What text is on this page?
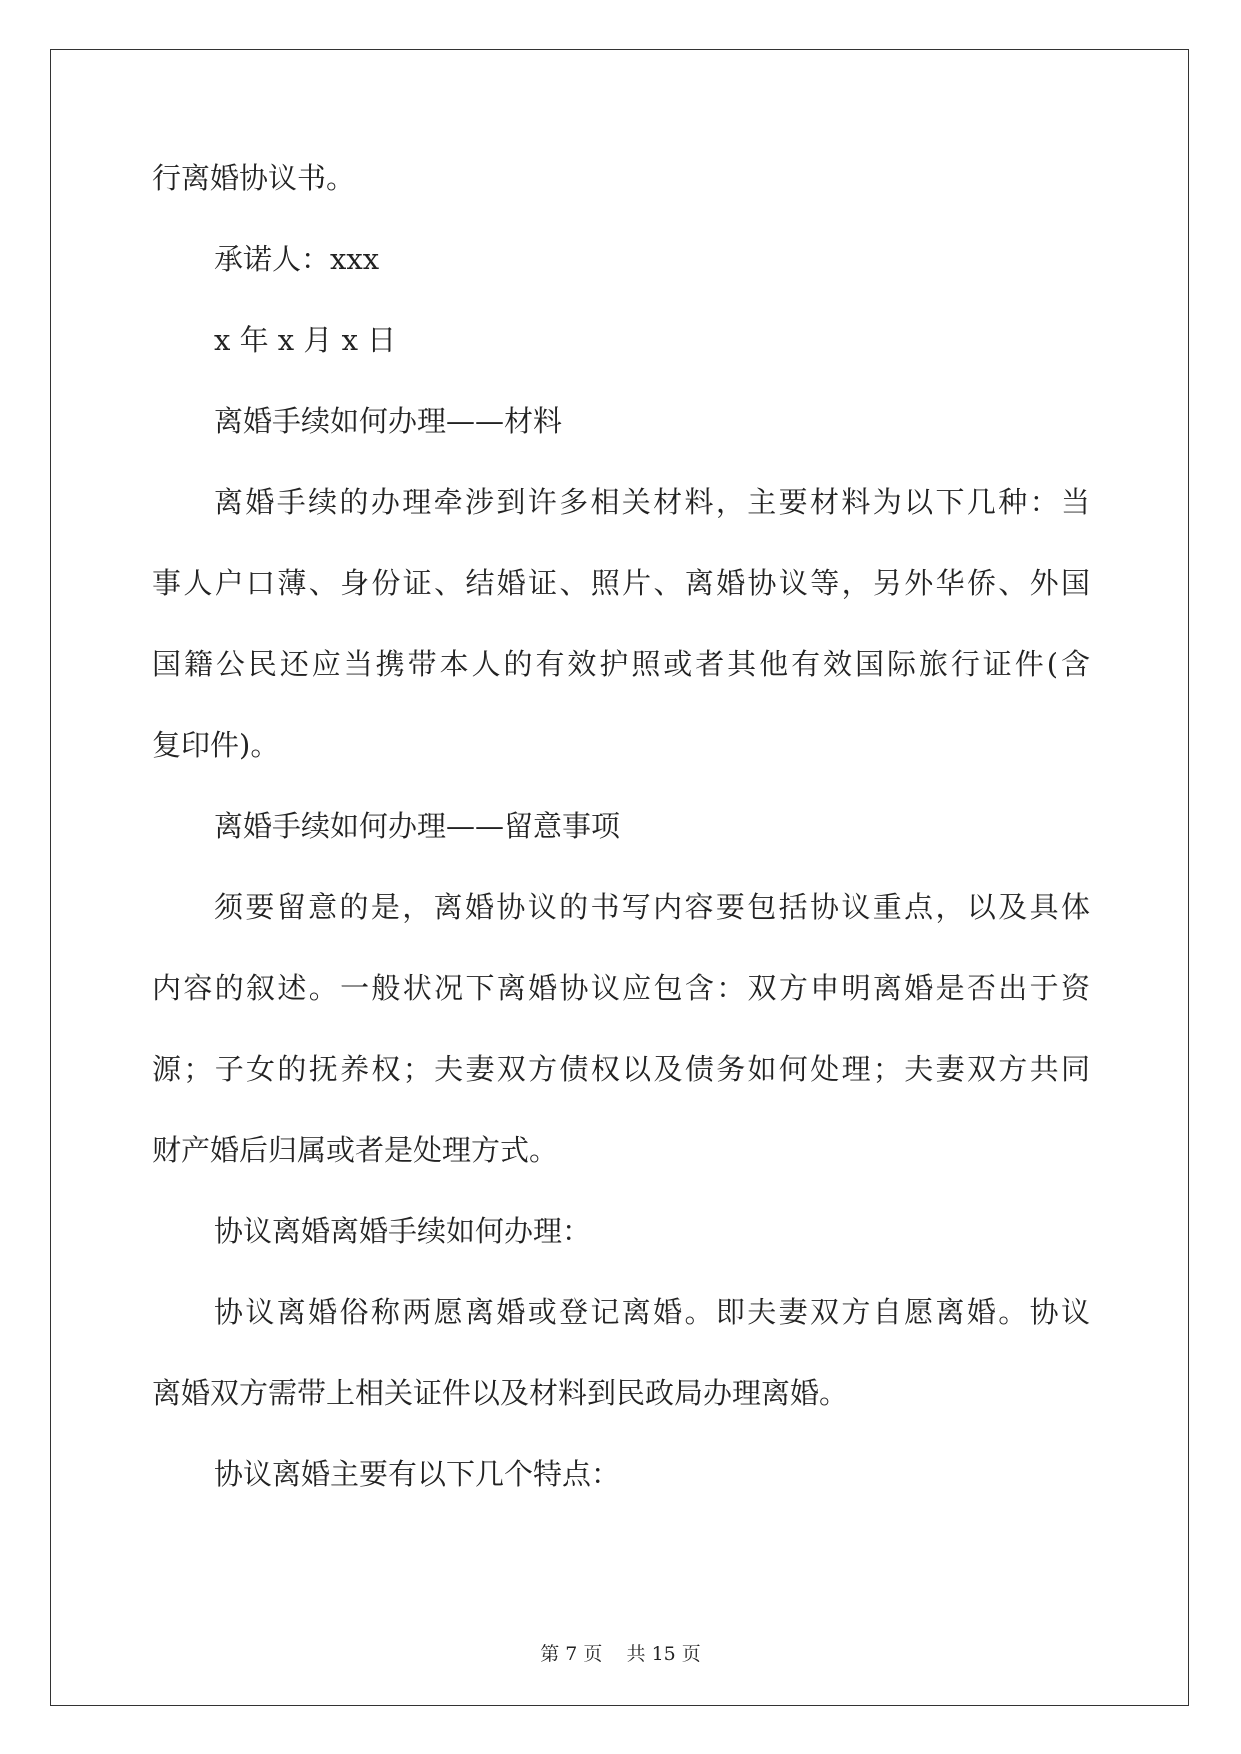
行离婚协议书。
承诺人：xxx
x 年 x 月 x 日
离婚手续如何办理——材料
离婚手续的办理牵涉到许多相关材料，主要材料为以下几种：当
事人户口薄、身份证、结婚证、照片、离婚协议等，另外华侨、外国
国籍公民还应当携带本人的有效护照或者其他有效国际旅行证件(含
复印件)。
离婚手续如何办理——留意事项
须要留意的是，离婚协议的书写内容要包括协议重点，以及具体
内容的叙述。一般状况下离婚协议应包含：双方申明离婚是否出于资
源；子女的抚养权；夫妻双方债权以及债务如何处理；夫妻双方共同
财产婚后归属或者是处理方式。
协议离婚离婚手续如何办理：
协议离婚俗称两愿离婚或登记离婚。即夫妻双方自愿离婚。协议
离婚双方需带上相关证件以及材料到民政局办理离婚。
协议离婚主要有以下几个特点：
第 7 页 共 15 页
